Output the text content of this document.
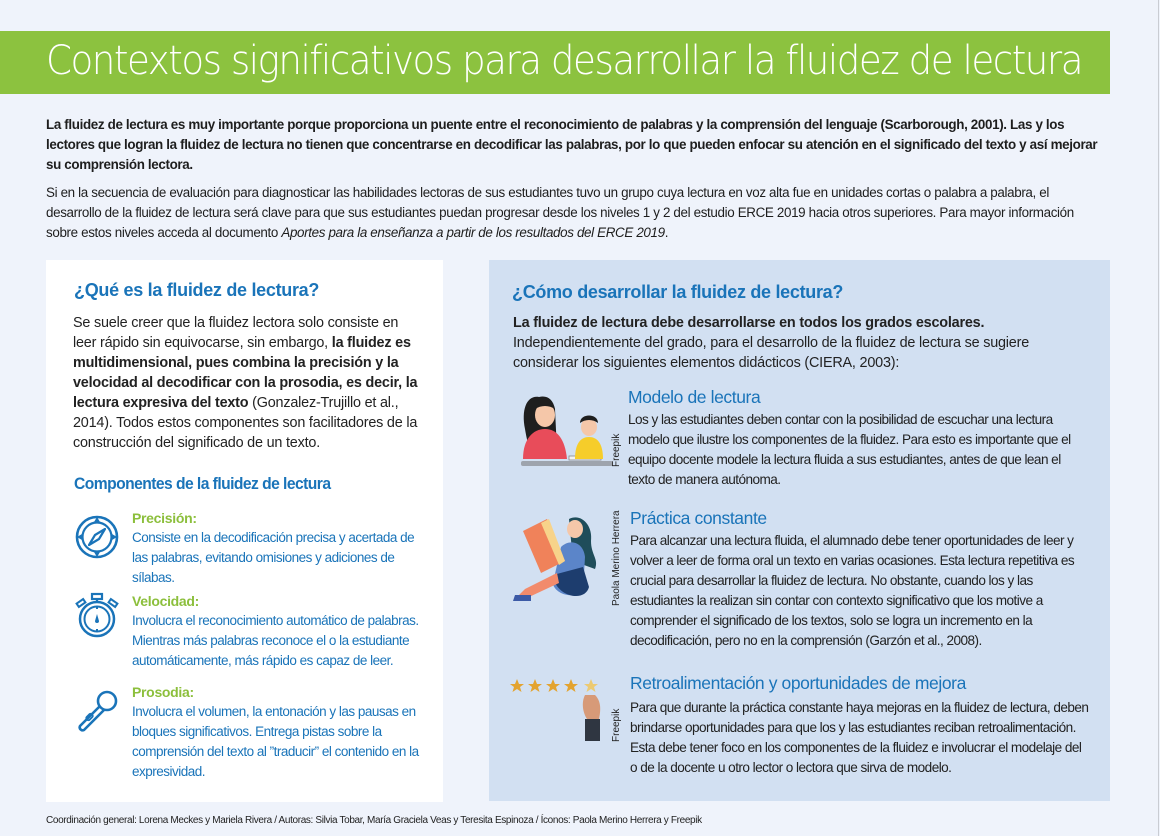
Contextos significativos para desarrollar la fluidez de lectura

La fluidez de lectura es muy importante porque proporciona un puente entre el reconocimiento de palabras y la comprensión del lenguaje (Scarborough, 2001). Las y los lectores que logran la fluidez de lectura no tienen que concentrarse en decodificar las palabras, por lo que pueden enfocar su atención en el significado del texto y así mejorar su comprensión lectora.

Si en la secuencia de evaluación para diagnosticar las habilidades lectoras de sus estudiantes tuvo un grupo cuya lectura en voz alta fue en unidades cortas o palabra a palabra, el desarrollo de la fluidez de lectura será clave para que sus estudiantes puedan progresar desde los niveles 1 y 2 del estudio ERCE 2019 hacia otros superiores. Para mayor información sobre estos niveles acceda al documento Aportes para la enseñanza a partir de los resultados del ERCE 2019.

¿Qué es la fluidez de lectura?
Se suele creer que la fluidez lectora solo consiste en leer rápido sin equivocarse, sin embargo, la fluidez es multidimensional, pues combina la precisión y la velocidad al decodificar con la prosodia, es decir, la lectura expresiva del texto (Gonzalez-Trujillo et al., 2014). Todos estos componentes son facilitadores de la construcción del significado de un texto.
Componentes de la fluidez de lectura
Precisión:
Consiste en la decodificación precisa y acertada de las palabras, evitando omisiones y adiciones de sílabas.
Velocidad:
Involucra el reconocimiento automático de palabras. Mientras más palabras reconoce el o la estudiante automáticamente, más rápido es capaz de leer.
Prosodia:
Involucra el volumen, la entonación y las pausas en bloques significativos. Entrega pistas sobre la comprensión del texto al ”traducir” el contenido en la expresividad.
¿Cómo desarrollar la fluidez de lectura?
La fluidez de lectura debe desarrollarse en todos los grados escolares.
Independientemente del grado, para el desarrollo de la fluidez de lectura se sugiere considerar los siguientes elementos didácticos (CIERA, 2003):
Freepik
Modelo de lectura
Los y las estudiantes deben contar con la posibilidad de escuchar una lectura modelo que ilustre los componentes de la fluidez. Para esto es importante que el equipo docente modele la lectura fluida a sus estudiantes, antes de que lean el texto de manera autónoma.
Paola Merino Herrera Práctica constante
Para alcanzar una lectura fluida, el alumnado debe tener oportunidades de leer y volver a leer de forma oral un texto en varias ocasiones. Esta lectura repetitiva es crucial para desarrollar la fluidez de lectura. No obstante, cuando los y las estudiantes la realizan sin contar con contexto significativo que los motive a comprender el significado de los textos, solo se logra un incremento en la decodificación, pero no en la comprensión (Garzón et al., 2008).
Freepik
Retroalimentación y oportunidades de mejora
Para que durante la práctica constante haya mejoras en la fluidez de lectura, deben brindarse oportunidades para que los y las estudiantes reciban retroalimentación. Esta debe tener foco en los componentes de la fluidez e involucrar el modelaje del o de la docente u otro lector o lectora que sirva de modelo.
Coordinación general: Lorena Meckes y Mariela Rivera / Autoras: Silvia Tobar, María Graciela Veas y Teresita Espinoza / Íconos: Paola Merino Herrera y Freepik
